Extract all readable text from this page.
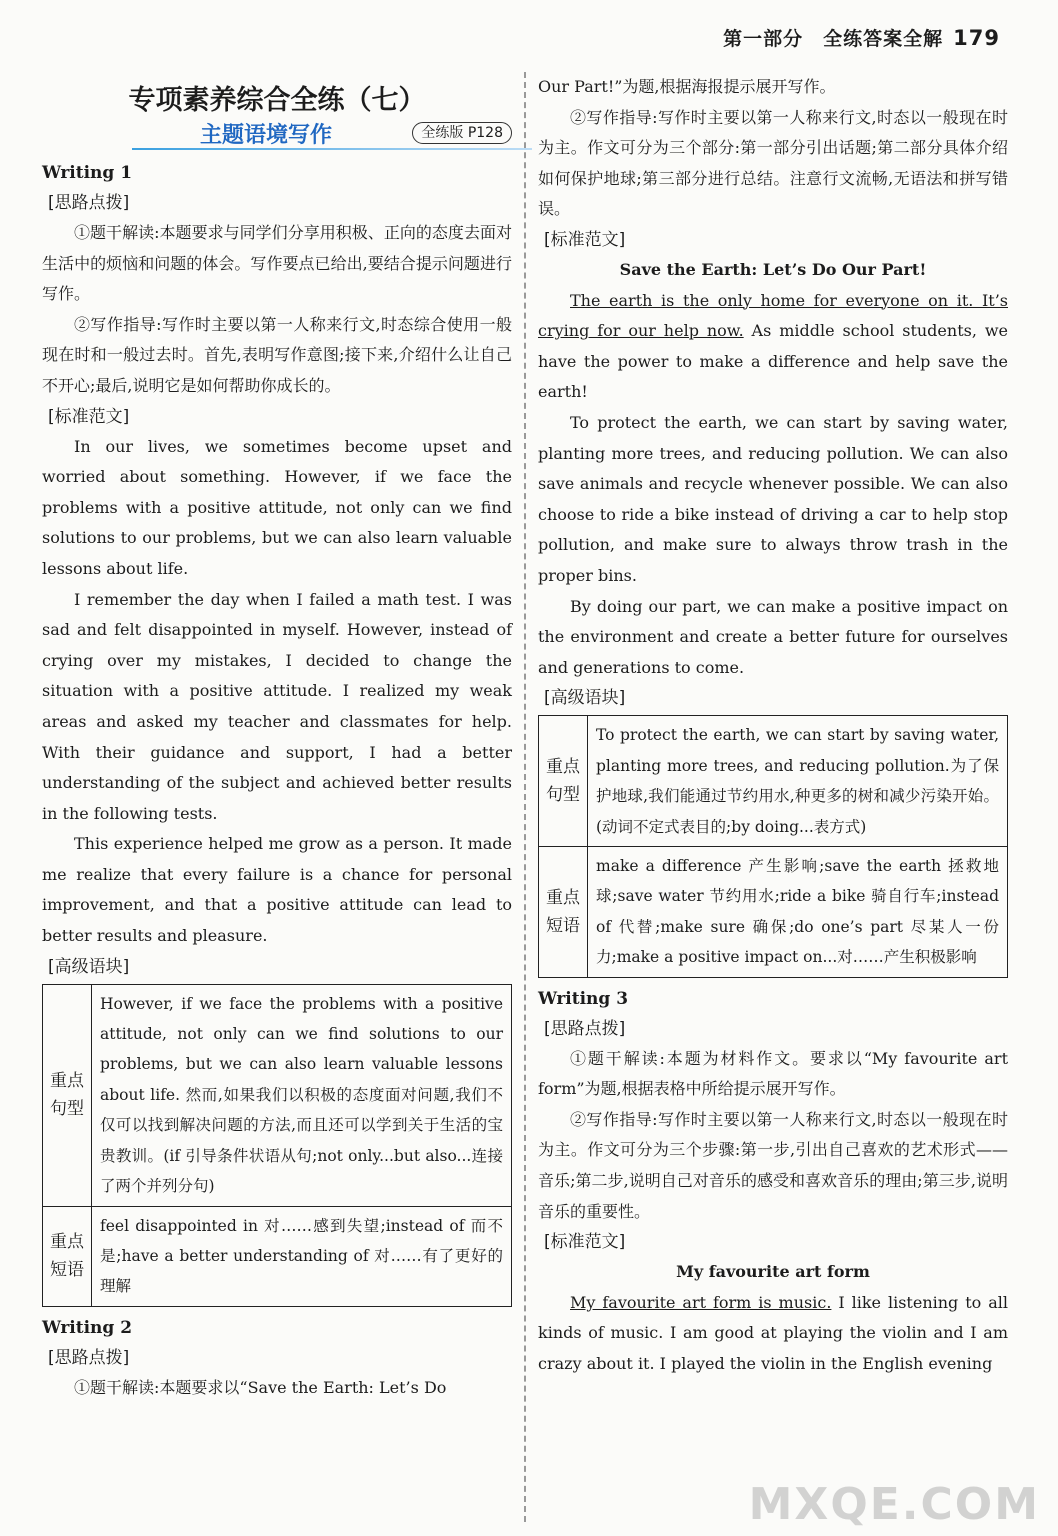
第一部分　全练答案全解 179
专项素养综合全练（七）
主题语境写作	全练版 P128
Writing 1
[思路点拨]

①题干解读:本题要求与同学们分享用积极、正向的态度去面对生活中的烦恼和问题的体会。写作要点已给出,要结合提示问题进行写作。

②写作指导:写作时主要以第一人称来行文,时态综合使用一般现在时和一般过去时。首先,表明写作意图;接下来,介绍什么让自己不开心;最后,说明它是如何帮助你成长的。

[标准范文]

In our lives, we sometimes become upset and worried about something. However, if we face the problems with a positive attitude, not only can we find solutions to our problems, but we can also learn valuable lessons about life.

I remember the day when I failed a math test. I was sad and felt disappointed in myself. However, instead of crying over my mistakes, I decided to change the situation with a positive attitude. I realized my weak areas and asked my teacher and classmates for help. With their guidance and support, I had a better understanding of the subject and achieved better results in the following tests.

This experience helped me grow as a person. It made me realize that every failure is a chance for personal improvement, and that a positive attitude can lead to better results and pleasure.

[高级语块]
重点
句型	However, if we face the problems with a positive attitude, not only can we find solutions to our problems, but we can also learn valuable lessons about life. 然而,如果我们以积极的态度面对问题,我们不仅可以找到解决问题的方法,而且还可以学到关于生活的宝贵教训。(if 引导条件状语从句;not only...but also...连接了两个并列分句)
重点
短语	feel disappointed in 对……感到失望;instead of 而不是;have a better understanding of 对……有了更好的理解
Writing 2
[思路点拨]

①题干解读:本题要求以“Save the Earth: Let’s Do

Our Part!”为题,根据海报提示展开写作。

②写作指导:写作时主要以第一人称来行文,时态以一般现在时为主。作文可分为三个部分:第一部分引出话题;第二部分具体介绍如何保护地球;第三部分进行总结。注意行文流畅,无语法和拼写错误。

[标准范文]

Save the Earth: Let’s Do Our Part!

The earth is the only home for everyone on it. It’s crying for our help now. As middle school students, we have the power to make a difference and help save the earth!

To protect the earth, we can start by saving water, planting more trees, and reducing pollution. We can also save animals and recycle whenever possible. We can also choose to ride a bike instead of driving a car to help stop pollution, and make sure to always throw trash in the proper bins.

By doing our part, we can make a positive impact on the environment and create a better future for ourselves and generations to come.

[高级语块]
重点
句型	To protect the earth, we can start by saving water, planting more trees, and reducing pollution.为了保护地球,我们能通过节约用水,种更多的树和减少污染开始。(动词不定式表目的;by doing...表方式)
重点
短语	make a difference 产生影响;save the earth 拯救地球;save water 节约用水;ride a bike 骑自行车;instead of 代替;make sure 确保;do one’s part 尽某人一份力;make a positive impact on...对……产生积极影响
Writing 3
[思路点拨]

①题干解读:本题为材料作文。要求以“My favourite art form”为题,根据表格中所给提示展开写作。

②写作指导:写作时主要以第一人称来行文,时态以一般现在时为主。作文可分为三个步骤:第一步,引出自己喜欢的艺术形式——音乐;第二步,说明自己对音乐的感受和喜欢音乐的理由;第三步,说明音乐的重要性。

[标准范文]

My favourite art form

My favourite art form is music. I like listening to all kinds of music. I am good at playing the violin and I am crazy about it. I played the violin in the English evening

MXQE.COM
